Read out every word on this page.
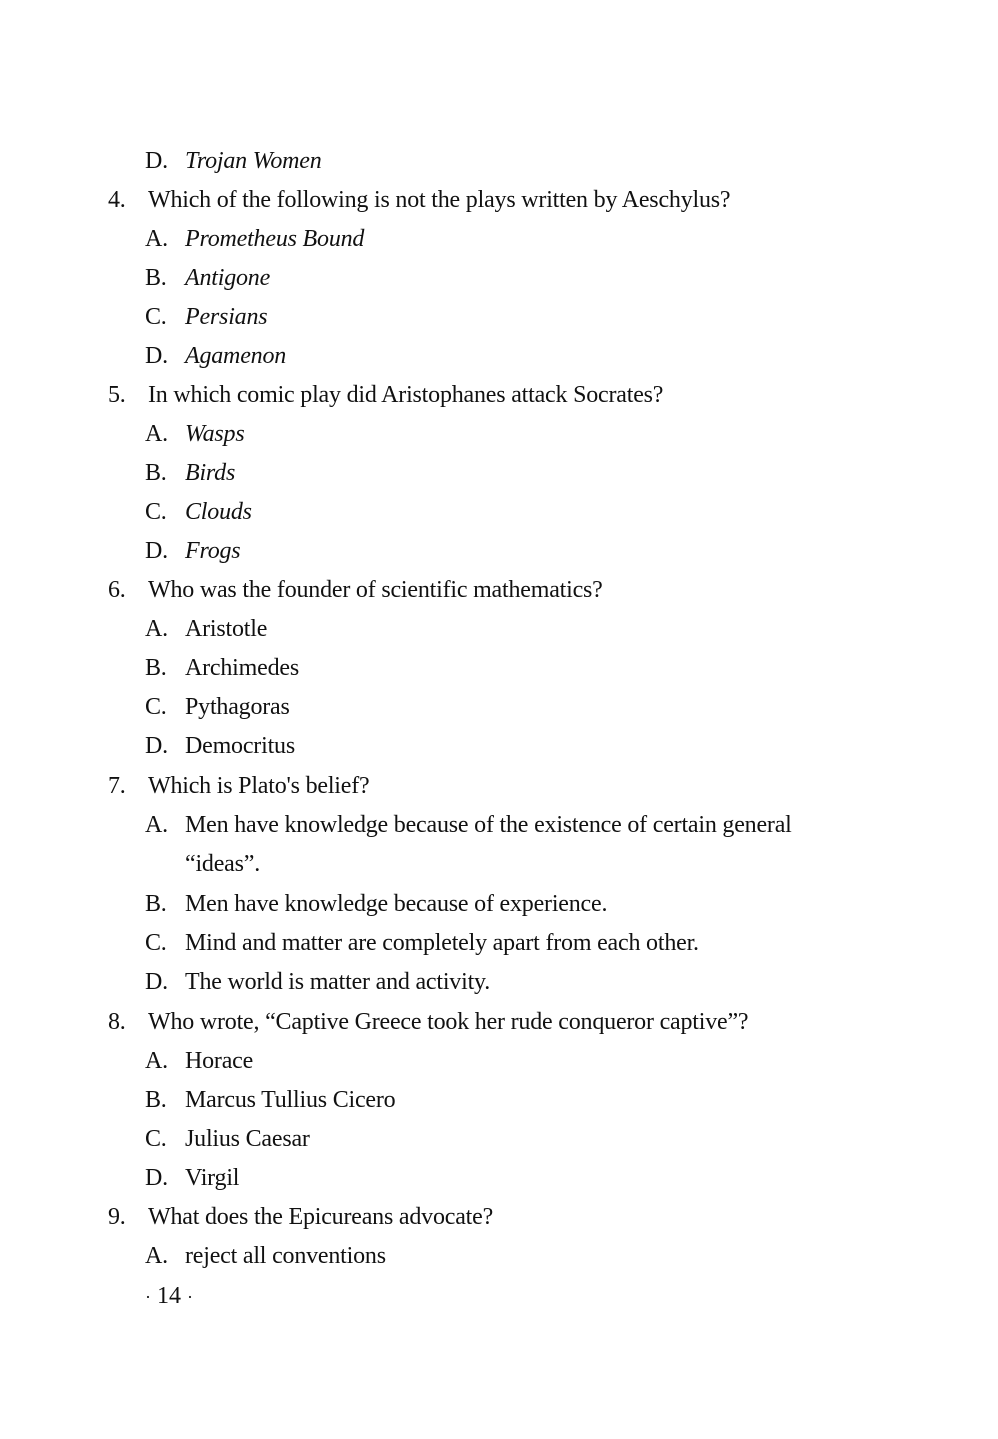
D. Trojan Women
4. Which of the following is not the plays written by Aeschylus?
A. Prometheus Bound
B. Antigone
C. Persians
D. Agamenon
5. In which comic play did Aristophanes attack Socrates?
A. Wasps
B. Birds
C. Clouds
D. Frogs
6. Who was the founder of scientific mathematics?
A. Aristotle
B. Archimedes
C. Pythagoras
D. Democritus
7. Which is Plato's belief?
A. Men have knowledge because of the existence of certain general
“ideas”.
B. Men have knowledge because of experience.
C. Mind and matter are completely apart from each other.
D. The world is matter and activity.
8. Who wrote, “Captive Greece took her rude conqueror captive”?
A. Horace
B. Marcus Tullius Cicero
C. Julius Caesar
D. Virgil
9. What does the Epicureans advocate?
A. reject all conventions
· 14 ·
